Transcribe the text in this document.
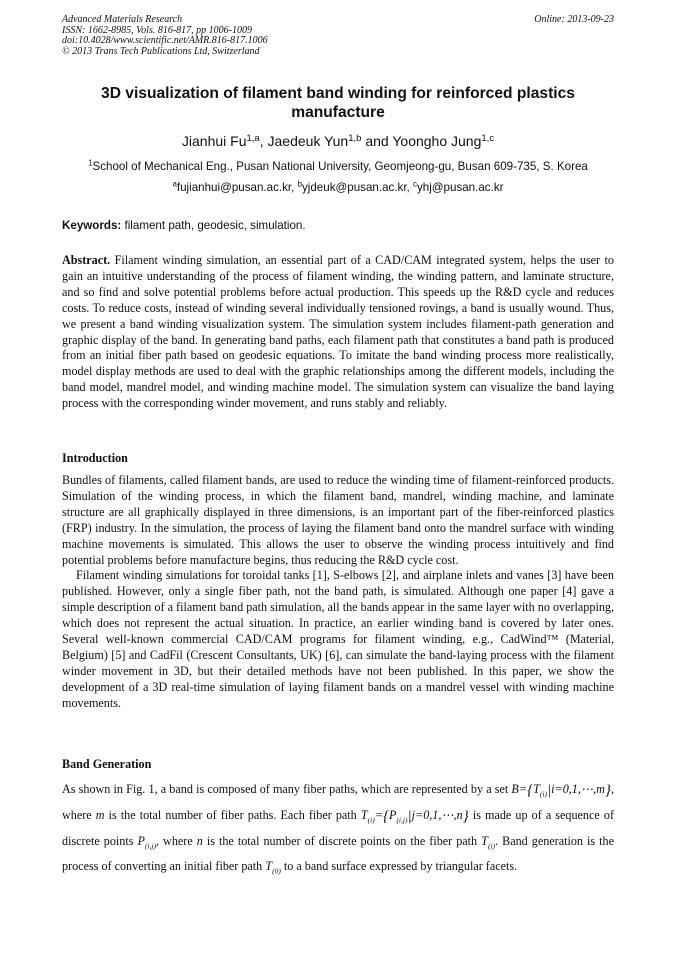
Advanced Materials Research
ISSN: 1662-8985, Vols. 816-817, pp 1006-1009
doi:10.4028/www.scientific.net/AMR.816-817.1006
© 2013 Trans Tech Publications Ltd, Switzerland
Online: 2013-09-23
3D visualization of filament band winding for reinforced plastics manufacture
Jianhui Fu$^{1,a}$, Jaedeuk Yun$^{1,b}$ and Yoongho Jung$^{1,c}$
$^1$School of Mechanical Eng., Pusan National University, Geomjeong-gu, Busan 609-735, S. Korea
$^a$fujianhui@pusan.ac.kr, $^b$yjdeuk@pusan.ac.kr, $^c$yhj@pusan.ac.kr
Keywords: filament path, geodesic, simulation.
Abstract. Filament winding simulation, an essential part of a CAD/CAM integrated system, helps the user to gain an intuitive understanding of the process of filament winding, the winding pattern, and laminate structure, and so find and solve potential problems before actual production. This speeds up the R&D cycle and reduces costs. To reduce costs, instead of winding several individually tensioned rovings, a band is usually wound. Thus, we present a band winding visualization system. The simulation system includes filament-path generation and graphic display of the band. In generating band paths, each filament path that constitutes a band path is produced from an initial fiber path based on geodesic equations. To imitate the band winding process more realistically, model display methods are used to deal with the graphic relationships among the different models, including the band model, mandrel model, and winding machine model. The simulation system can visualize the band laying process with the corresponding winder movement, and runs stably and reliably.
Introduction

Bundles of filaments, called filament bands, are used to reduce the winding time of filament-reinforced products. Simulation of the winding process, in which the filament band, mandrel, winding machine, and laminate structure are all graphically displayed in three dimensions, is an important part of the fiber-reinforced plastics (FRP) industry. In the simulation, the process of laying the filament band onto the mandrel surface with winding machine movements is simulated. This allows the user to observe the winding process intuitively and find potential problems before manufacture begins, thus reducing the R&D cycle cost.

Filament winding simulations for toroidal tanks [1], S-elbows [2], and airplane inlets and vanes [3] have been published. However, only a single fiber path, not the band path, is simulated. Although one paper [4] gave a simple description of a filament band path simulation, all the bands appear in the same layer with no overlapping, which does not represent the actual situation. In practice, an earlier winding band is covered by later ones. Several well-known commercial CAD/CAM programs for filament winding, e.g., CadWind™ (Material, Belgium) [5] and CadFil (Crescent Consultants, UK) [6], can simulate the band-laying process with the filament winder movement in 3D, but their detailed methods have not been published. In this paper, we show the development of a 3D real-time simulation of laying filament bands on a mandrel vessel with winding machine movements.

Band Generation
As shown in Fig. 1, a band is composed of many fiber paths, which are represented by a set $B=\{T_{(i)}|i=0,1,\cdots,m\}$, where m is the total number of fiber paths. Each fiber path $T_{(i)}=\{P_{(i,j)}|j=0,1,\cdots,n\}$ is made up of a sequence of discrete points $P_{(i,j)}$, where n is the total number of discrete points on the fiber path $T_{(i)}$. Band generation is the process of converting an initial fiber path $T_{(0)}$ to a band surface expressed by triangular facets.
